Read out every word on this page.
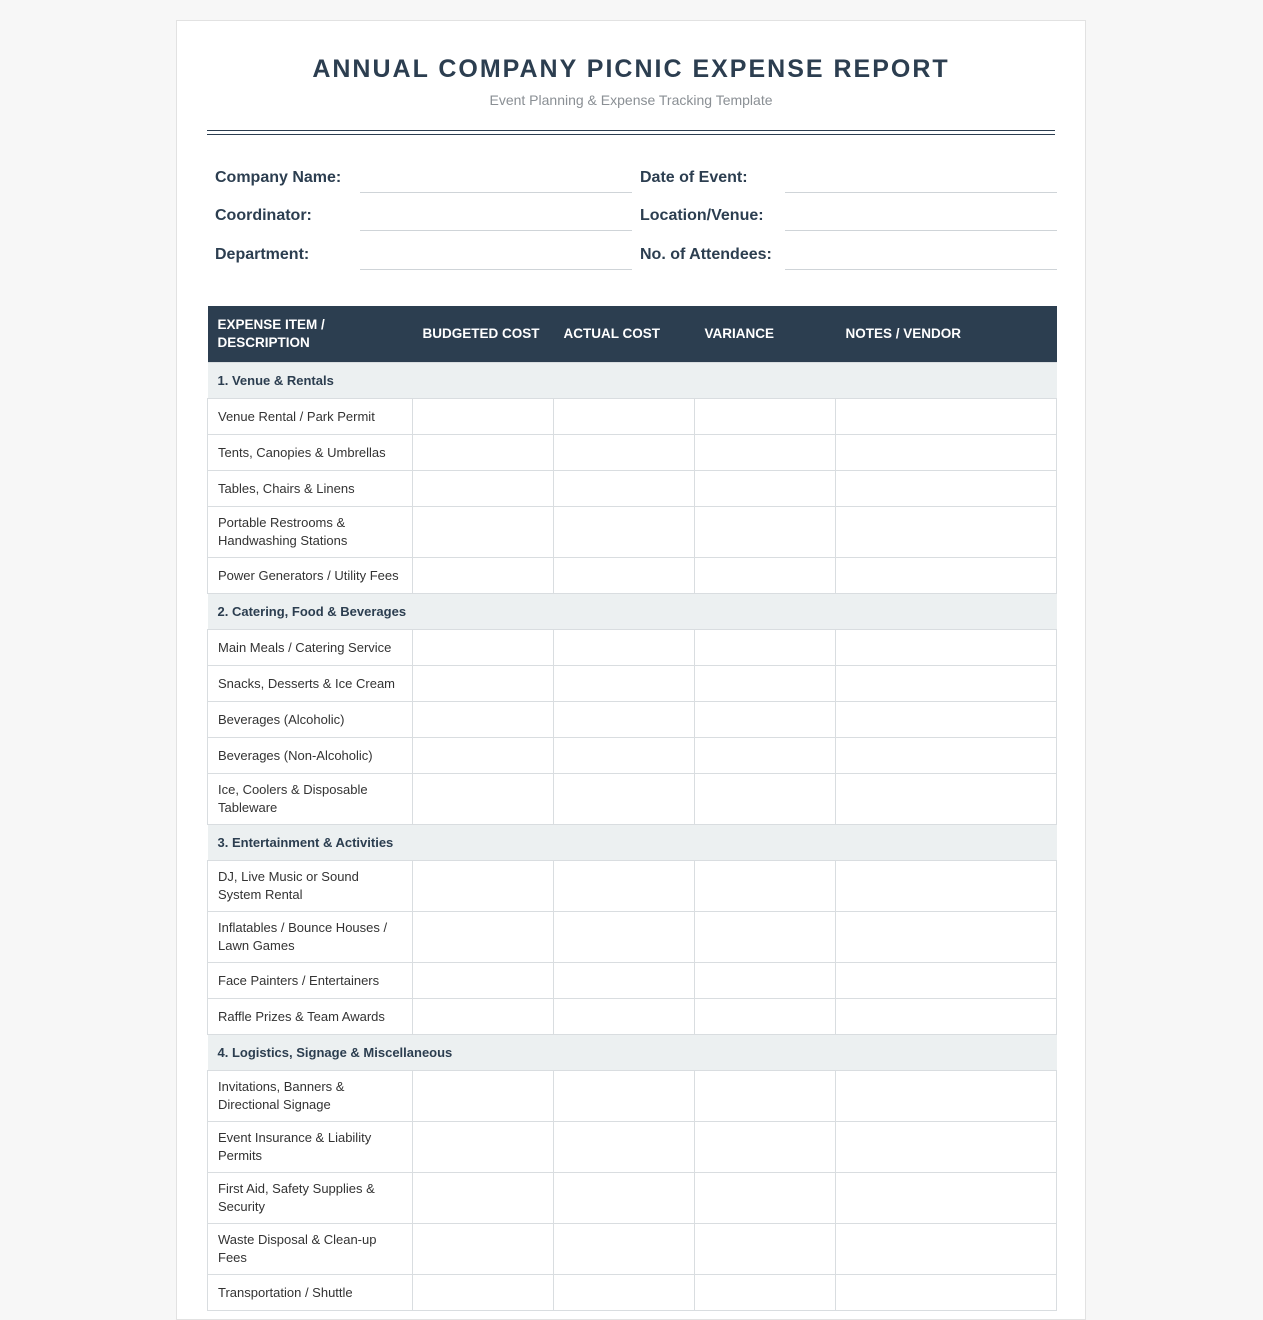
ANNUAL COMPANY PICNIC EXPENSE REPORT
Event Planning & Expense Tracking Template
Company Name:
Coordinator:
Department:
Date of Event:
Location/Venue:
No. of Attendees:
EXPENSE ITEM / DESCRIPTION	BUDGETED COST	ACTUAL COST	VARIANCE	NOTES / VENDOR
1. Venue & Rentals				
Venue Rental / Park Permit				
Tents, Canopies & Umbrellas				
Tables, Chairs & Linens				
Portable Restrooms & Handwashing Stations				
Power Generators / Utility Fees				
2. Catering, Food & Beverages				
Main Meals / Catering Service				
Snacks, Desserts & Ice Cream				
Beverages (Alcoholic)				
Beverages (Non-Alcoholic)				
Ice, Coolers & Disposable Tableware				
3. Entertainment & Activities				
DJ, Live Music or Sound System Rental				
Inflatables / Bounce Houses / Lawn Games				
Face Painters / Entertainers				
Raffle Prizes & Team Awards				
4. Logistics, Signage & Miscellaneous				
Invitations, Banners & Directional Signage				
Event Insurance & Liability Permits				
First Aid, Safety Supplies & Security				
Waste Disposal & Clean-up Fees				
Transportation / Shuttle				
